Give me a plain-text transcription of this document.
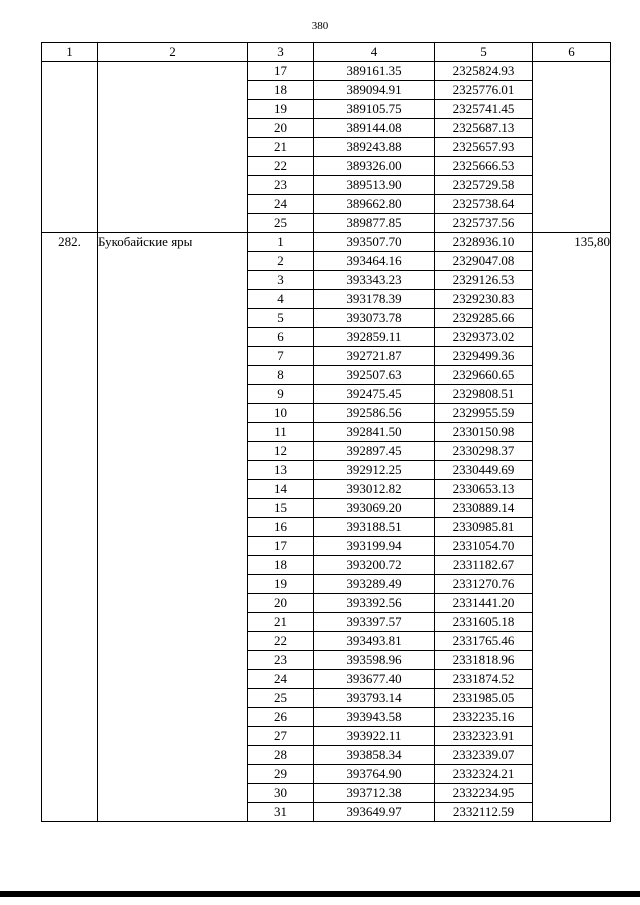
380
1	2	3	4	5	6
		17	389161.35	2325824.93	
		18	389094.91	2325776.01	
		19	389105.75	2325741.45	
		20	389144.08	2325687.13	
		21	389243.88	2325657.93	
		22	389326.00	2325666.53	
		23	389513.90	2325729.58	
		24	389662.80	2325738.64	
		25	389877.85	2325737.56	
282.	Букобайские яры	1	393507.70	2328936.10	135,80
		2	393464.16	2329047.08	
		3	393343.23	2329126.53	
		4	393178.39	2329230.83	
		5	393073.78	2329285.66	
		6	392859.11	2329373.02	
		7	392721.87	2329499.36	
		8	392507.63	2329660.65	
		9	392475.45	2329808.51	
		10	392586.56	2329955.59	
		11	392841.50	2330150.98	
		12	392897.45	2330298.37	
		13	392912.25	2330449.69	
		14	393012.82	2330653.13	
		15	393069.20	2330889.14	
		16	393188.51	2330985.81	
		17	393199.94	2331054.70	
		18	393200.72	2331182.67	
		19	393289.49	2331270.76	
		20	393392.56	2331441.20	
		21	393397.57	2331605.18	
		22	393493.81	2331765.46	
		23	393598.96	2331818.96	
		24	393677.40	2331874.52	
		25	393793.14	2331985.05	
		26	393943.58	2332235.16	
		27	393922.11	2332323.91	
		28	393858.34	2332339.07	
		29	393764.90	2332324.21	
		30	393712.38	2332234.95	
		31	393649.97	2332112.59	
